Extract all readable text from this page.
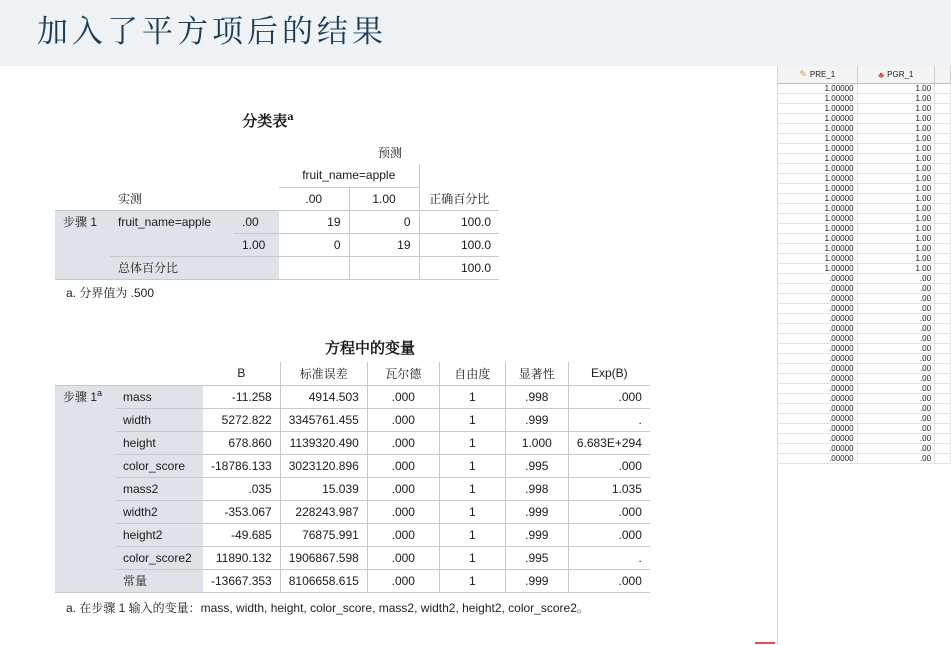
加入了平方项后的结果
分类表$^a$
			预测		
			fruit_name=apple		
	实测		.00	1.00	正确百分比
步骤 1	fruit_name=apple	.00	19	0	100.0
		1.00	0	19	100.0
	总体百分比				100.0
a. 分界值为 .500
方程中的变量
		B	标准误差	瓦尔德	自由度	显著性	Exp(B)
步骤 1$^a$	mass	-11.258	4914.503	.000	1	.998	.000
	width	5272.822	3345761.455	.000	1	.999	.
	height	678.860	1139320.490	.000	1	1.000	6.683E+294
	color_score	-18786.133	3023120.896	.000	1	.995	.000
	mass2	.035	15.039	.000	1	.998	1.035
	width2	-353.067	228243.987	.000	1	.999	.000
	height2	-49.685	76875.991	.000	1	.999	.000
	color_score2	11890.132	1906867.598	.000	1	.995	.
	常量	-13667.353	8106658.615	.000	1	.999	.000
a. 在步骤 1 输入的变量：mass, width, height, color_score, mass2, width2, height2, color_score2。
✎ PRE_1	♣ PGR_1
1.00000	1.00
1.00000	1.00
1.00000	1.00
1.00000	1.00
1.00000	1.00
1.00000	1.00
1.00000	1.00
1.00000	1.00
1.00000	1.00
1.00000	1.00
1.00000	1.00
1.00000	1.00
1.00000	1.00
1.00000	1.00
1.00000	1.00
1.00000	1.00
1.00000	1.00
1.00000	1.00
1.00000	1.00
.00000	.00
.00000	.00
.00000	.00
.00000	.00
.00000	.00
.00000	.00
.00000	.00
.00000	.00
.00000	.00
.00000	.00
.00000	.00
.00000	.00
.00000	.00
.00000	.00
.00000	.00
.00000	.00
.00000	.00
.00000	.00
.00000	.00
